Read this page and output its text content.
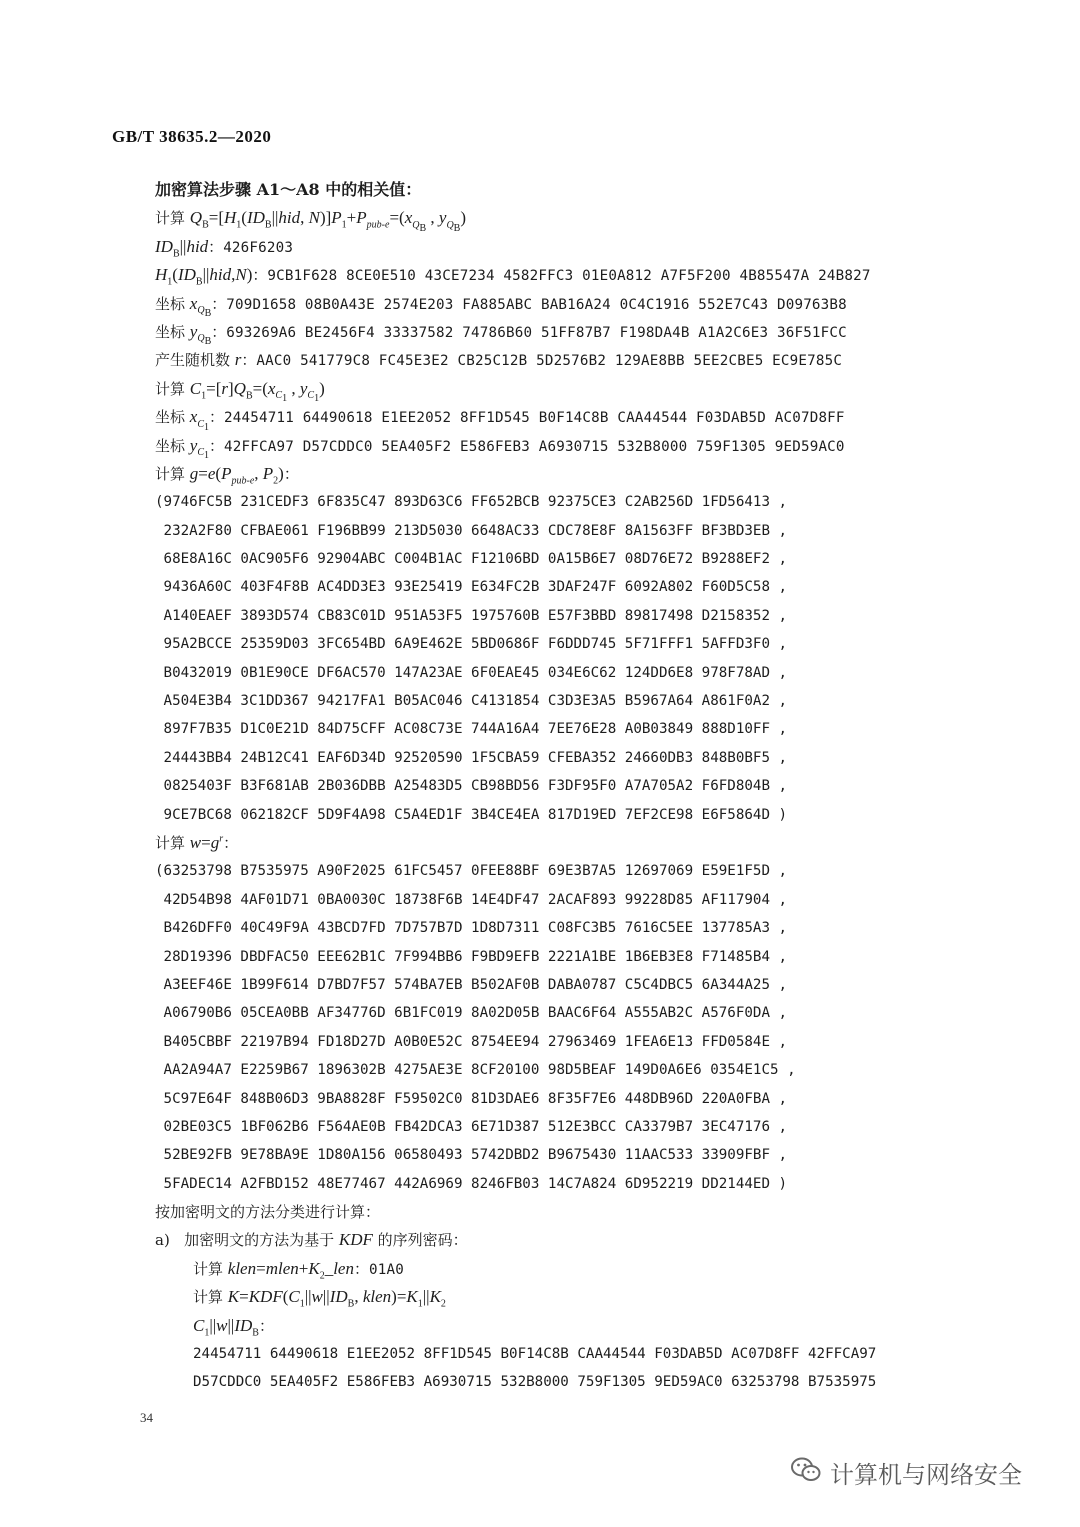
GB/T 38635.2—2020
加密算法步骤 A1～A8 中的相关值：
计算 $Q_B=[H_1(ID_B||hid$, $N)]P_1+P_{pub-e}=(x_{Q_B}$ , $y_{Q_B}$)
$ID_B||hid$：426F6203
$H_1(ID_B||hid,N)$：9CB1F628 8CE0E510 43CE7234 4582FFC3 01E0A812 A7F5F200 4B85547A 24B827
坐标 $x_{Q_B}$：709D1658 08B0A43E 2574E203 FA885ABC BAB16A24 0C4C1916 552E7C43 D09763B8
坐标 $y_{Q_B}$：693269A6 BE2456F4 33337582 74786B60 51FF87B7 F198DA4B A1A2C6E3 36F51FCC
产生随机数 r：AAC0 541779C8 FC45E3E2 CB25C12B 5D2576B2 129AE8BB 5EE2CBE5 EC9E785C
计算 $C_1=[r]Q_B=(x_{C_1}$ , $y_{C_1}$)
坐标 $x_{C_1}$：24454711 64490618 E1EE2052 8FF1D545 B0F14C8B CAA44544 F03DAB5D AC07D8FF
坐标 $y_{C_1}$：42FFCA97 D57CDDC0 5EA405F2 E586FEB3 A6930715 532B8000 759F1305 9ED59AC0
计算 $g=e(P_{pub-e}$, $P_2$)：
(9746FC5B 231CEDF3 6F835C47 893D63C6 FF652BCB 92375CE3 C2AB256D 1FD56413 ,
232A2F80 CFBAE061 F196BB99 213D5030 6648AC33 CDC78E8F 8A1563FF BF3BD3EB ,
68E8A16C 0AC905F6 92904ABC C004B1AC F12106BD 0A15B6E7 08D76E72 B9288EF2 ,
9436A60C 403F4F8B AC4DD3E3 93E25419 E634FC2B 3DAF247F 6092A802 F60D5C58 ,
A140EAEF 3893D574 CB83C01D 951A53F5 1975760B E57F3BBD 89817498 D2158352 ,
95A2BCCE 25359D03 3FC654BD 6A9E462E 5BD0686F F6DDD745 5F71FFF1 5AFFD3F0 ,
B0432019 0B1E90CE DF6AC570 147A23AE 6F0EAE45 034E6C62 124DD6E8 978F78AD ,
A504E3B4 3C1DD367 94217FA1 B05AC046 C4131854 C3D3E3A5 B5967A64 A861F0A2 ,
897F7B35 D1C0E21D 84D75CFF AC08C73E 744A16A4 7EE76E28 A0B03849 888D10FF ,
24443BB4 24B12C41 EAF6D34D 92520590 1F5CBA59 CFEBA352 24660DB3 848B0BF5 ,
0825403F B3F681AB 2B036DBB A25483D5 CB98BD56 F3DF95F0 A7A705A2 F6FD804B ,
9CE7BC68 062182CF 5D9F4A98 C5A4ED1F 3B4CE4EA 817D19ED 7EF2CE98 E6F5864D )
计算 $w=g^r$：
(63253798 B7535975 A90F2025 61FC5457 0FEE88BF 69E3B7A5 12697069 E59E1F5D ,
42D54B98 4AF01D71 0BA0030C 18738F6B 14E4DF47 2ACAF893 99228D85 AF117904 ,
B426DFF0 40C49F9A 43BCD7FD 7D757B7D 1D8D7311 C08FC3B5 7616C5EE 137785A3 ,
28D19396 DBDFAC50 EEE62B1C 7F994BB6 F9BD9EFB 2221A1BE 1B6EB3E8 F71485B4 ,
A3EEF46E 1B99F614 D7BD7F57 574BA7EB B502AF0B DABA0787 C5C4DBC5 6A344A25 ,
A06790B6 05CEA0BB AF34776D 6B1FC019 8A02D05B BAAC6F64 A555AB2C A576F0DA ,
B405CBBF 22197B94 FD18D27D A0B0E52C 8754EE94 27963469 1FEA6E13 FFD0584E ,
AA2A94A7 E2259B67 1896302B 4275AE3E 8CF20100 98D5BEAF 149D0A6E6 0354E1C5 ,
5C97E64F 848B06D3 9BA8828F F59502C0 81D3DAE6 8F35F7E6 448DB96D 220A0FBA ,
02BE03C5 1BF062B6 F564AE0B FB42DCA3 6E71D387 512E3BCC CA3379B7 3EC47176 ,
52BE92FB 9E78BA9E 1D80A156 06580493 5742DBD2 B9675430 11AAC533 33909FBF ,
5FADEC14 A2FBD152 48E77467 442A6969 8246FB03 14C7A824 6D952219 DD2144ED )
按加密明文的方法分类进行计算：
a) 加密明文的方法为基于 KDF 的序列密码：
计算 $klen=mlen+K_2\_len$：01A0
计算 $K=KDF(C_1||w||ID_B$, $klen)=K_1||K_2$
$C_1||w||ID_B$：
24454711 64490618 E1EE2052 8FF1D545 B0F14C8B CAA44544 F03DAB5D AC07D8FF 42FFCA97
D57CDDC0 5EA405F2 E586FEB3 A6930715 532B8000 759F1305 9ED59AC0 63253798 B7535975
34
计算机与网络安全
